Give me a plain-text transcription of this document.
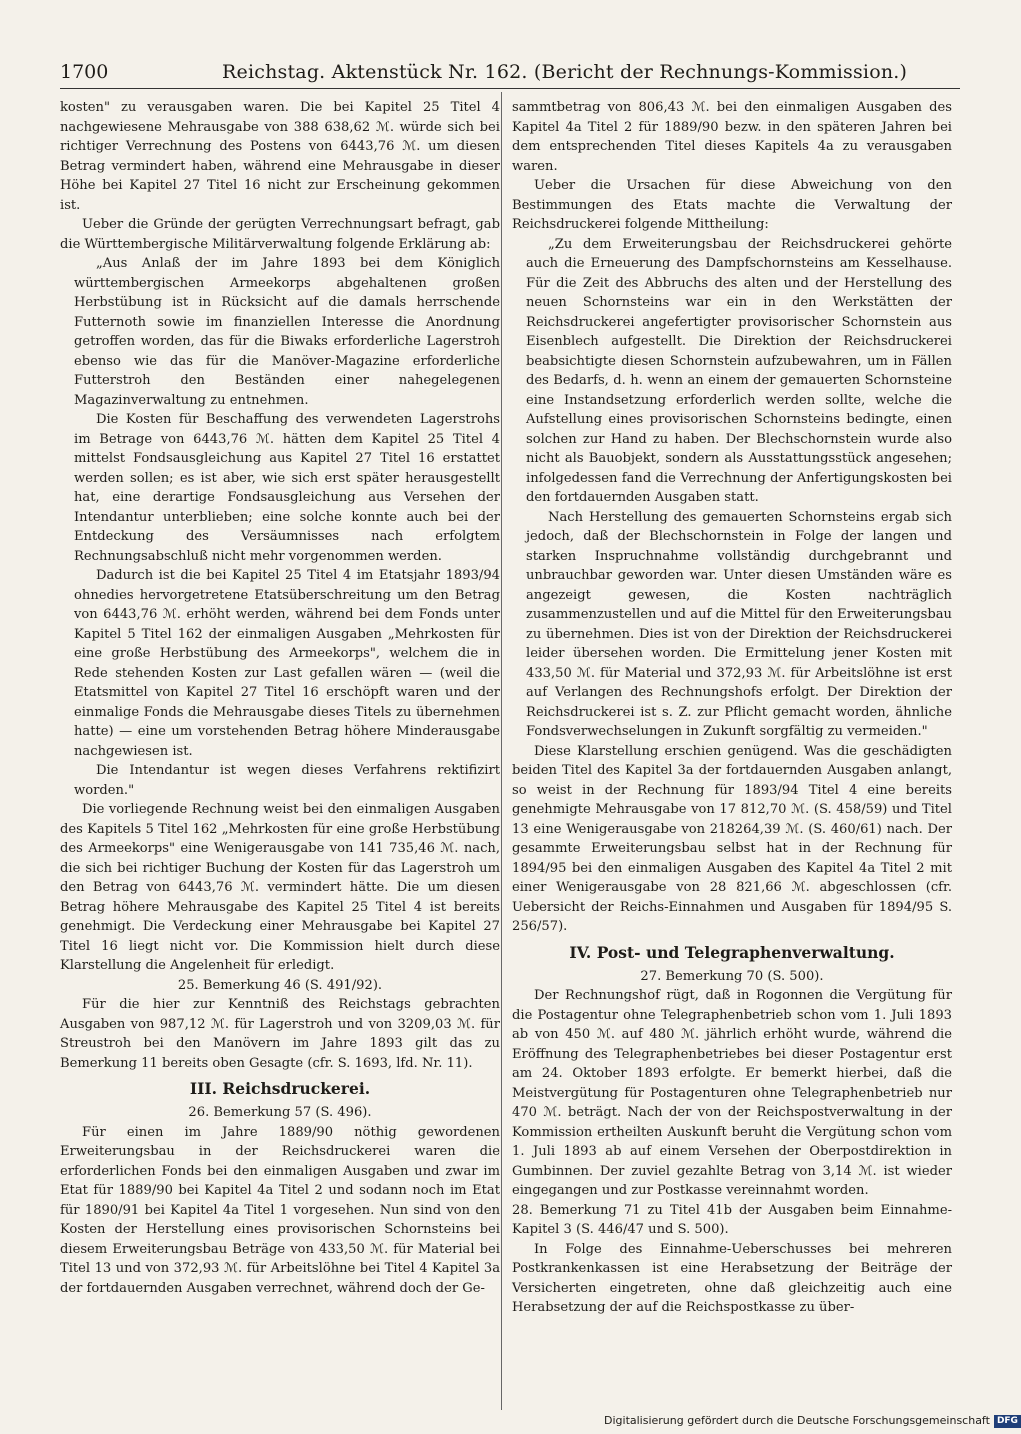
1700	Reichstag. Aktenstück Nr. 162. (Bericht der Rechnungs-Kommission.)

kosten" zu verausgaben waren. Die bei Kapitel 25 Titel 4 nachgewiesene Mehrausgabe von 388 638,62 ℳ. würde sich bei richtiger Verrechnung des Postens von 6443,76 ℳ. um diesen Betrag vermindert haben, während eine Mehrausgabe in dieser Höhe bei Kapitel 27 Titel 16 nicht zur Erscheinung gekommen ist.

Ueber die Gründe der gerügten Verrechnungsart befragt, gab die Württembergische Militärverwaltung folgende Erklärung ab:

„Aus Anlaß der im Jahre 1893 bei dem Königlich württembergischen Armeekorps abgehaltenen großen Herbstübung ist in Rücksicht auf die damals herrschende Futternoth sowie im finanziellen Interesse die Anordnung getroffen worden, das für die Biwaks erforderliche Lagerstroh ebenso wie das für die Manöver-Magazine erforderliche Futterstroh den Beständen einer nahegelegenen Magazinverwaltung zu entnehmen.

Die Kosten für Beschaffung des verwendeten Lagerstrohs im Betrage von 6443,76 ℳ. hätten dem Kapitel 25 Titel 4 mittelst Fondsausgleichung aus Kapitel 27 Titel 16 erstattet werden sollen; es ist aber, wie sich erst später herausgestellt hat, eine derartige Fondsausgleichung aus Versehen der Intendantur unterblieben; eine solche konnte auch bei der Entdeckung des Versäumnisses nach erfolgtem Rechnungsabschluß nicht mehr vorgenommen werden.

Dadurch ist die bei Kapitel 25 Titel 4 im Etatsjahr 1893/94 ohnedies hervorgetretene Etatsüberschreitung um den Betrag von 6443,76 ℳ. erhöht werden, während bei dem Fonds unter Kapitel 5 Titel 162 der einmaligen Ausgaben „Mehrkosten für eine große Herbstübung des Armeekorps", welchem die in Rede stehenden Kosten zur Last gefallen wären — (weil die Etatsmittel von Kapitel 27 Titel 16 erschöpft waren und der einmalige Fonds die Mehrausgabe dieses Titels zu übernehmen hatte) — eine um vorstehenden Betrag höhere Minderausgabe nachgewiesen ist.

Die Intendantur ist wegen dieses Verfahrens rektifizirt worden."

Die vorliegende Rechnung weist bei den einmaligen Ausgaben des Kapitels 5 Titel 162 „Mehrkosten für eine große Herbstübung des Armeekorps" eine Wenigerausgabe von 141 735,46 ℳ. nach, die sich bei richtiger Buchung der Kosten für das Lagerstroh um den Betrag von 6443,76 ℳ. vermindert hätte. Die um diesen Betrag höhere Mehrausgabe des Kapitel 25 Titel 4 ist bereits genehmigt. Die Verdeckung einer Mehrausgabe bei Kapitel 27 Titel 16 liegt nicht vor. Die Kommission hielt durch diese Klarstellung die Angelenheit für erledigt.

25. Bemerkung 46 (S. 491/92).

Für die hier zur Kenntniß des Reichstags gebrachten Ausgaben von 987,12 ℳ. für Lagerstroh und von 3209,03 ℳ. für Streustroh bei den Manövern im Jahre 1893 gilt das zu Bemerkung 11 bereits oben Gesagte (cfr. S. 1693, lfd. Nr. 11).

III. Reichsdruckerei.

26. Bemerkung 57 (S. 496).

Für einen im Jahre 1889/90 nöthig gewordenen Erweiterungsbau in der Reichsdruckerei waren die erforderlichen Fonds bei den einmaligen Ausgaben und zwar im Etat für 1889/90 bei Kapitel 4a Titel 2 und sodann noch im Etat für 1890/91 bei Kapitel 4a Titel 1 vorgesehen. Nun sind von den Kosten der Herstellung eines provisorischen Schornsteins bei diesem Erweiterungsbau Beträge von 433,50 ℳ. für Material bei Titel 13 und von 372,93 ℳ. für Arbeitslöhne bei Titel 4 Kapitel 3a der fortdauernden Ausgaben verrechnet, während doch der Ge-

sammtbetrag von 806,43 ℳ. bei den einmaligen Ausgaben des Kapitel 4a Titel 2 für 1889/90 bezw. in den späteren Jahren bei dem entsprechenden Titel dieses Kapitels 4a zu verausgaben waren.

Ueber die Ursachen für diese Abweichung von den Bestimmungen des Etats machte die Verwaltung der Reichsdruckerei folgende Mittheilung:

„Zu dem Erweiterungsbau der Reichsdruckerei gehörte auch die Erneuerung des Dampfschornsteins am Kesselhause. Für die Zeit des Abbruchs des alten und der Herstellung des neuen Schornsteins war ein in den Werkstätten der Reichsdruckerei angefertigter provisorischer Schornstein aus Eisenblech aufgestellt. Die Direktion der Reichsdruckerei beabsichtigte diesen Schornstein aufzubewahren, um in Fällen des Bedarfs, d. h. wenn an einem der gemauerten Schornsteine eine Instandsetzung erforderlich werden sollte, welche die Aufstellung eines provisorischen Schornsteins bedingte, einen solchen zur Hand zu haben. Der Blechschornstein wurde also nicht als Bauobjekt, sondern als Ausstattungsstück angesehen; infolgedessen fand die Verrechnung der Anfertigungskosten bei den fortdauernden Ausgaben statt.

Nach Herstellung des gemauerten Schornsteins ergab sich jedoch, daß der Blechschornstein in Folge der langen und starken Inspruchnahme vollständig durchgebrannt und unbrauchbar geworden war. Unter diesen Umständen wäre es angezeigt gewesen, die Kosten nachträglich zusammenzustellen und auf die Mittel für den Erweiterungsbau zu übernehmen. Dies ist von der Direktion der Reichsdruckerei leider übersehen worden. Die Ermittelung jener Kosten mit 433,50 ℳ. für Material und 372,93 ℳ. für Arbeitslöhne ist erst auf Verlangen des Rechnungshofs erfolgt. Der Direktion der Reichsdruckerei ist s. Z. zur Pflicht gemacht worden, ähnliche Fondsverwechselungen in Zukunft sorgfältig zu vermeiden."

Diese Klarstellung erschien genügend. Was die geschädigten beiden Titel des Kapitel 3a der fortdauernden Ausgaben anlangt, so weist in der Rechnung für 1893/94 Titel 4 eine bereits genehmigte Mehrausgabe von 17 812,70 ℳ. (S. 458/59) und Titel 13 eine Wenigerausgabe von 218264,39 ℳ. (S. 460/61) nach. Der gesammte Erweiterungsbau selbst hat in der Rechnung für 1894/95 bei den einmaligen Ausgaben des Kapitel 4a Titel 2 mit einer Wenigerausgabe von 28 821,66 ℳ. abgeschlossen (cfr. Uebersicht der Reichs-Einnahmen und Ausgaben für 1894/95 S. 256/57).

IV. Post- und Telegraphenverwaltung.

27. Bemerkung 70 (S. 500).

Der Rechnungshof rügt, daß in Rogonnen die Vergütung für die Postagentur ohne Telegraphenbetrieb schon vom 1. Juli 1893 ab von 450 ℳ. auf 480 ℳ. jährlich erhöht wurde, während die Eröffnung des Telegraphenbetriebes bei dieser Postagentur erst am 24. Oktober 1893 erfolgte. Er bemerkt hierbei, daß die Meistvergütung für Postagenturen ohne Telegraphenbetrieb nur 470 ℳ. beträgt. Nach der von der Reichspostverwaltung in der Kommission ertheilten Auskunft beruht die Vergütung schon vom 1. Juli 1893 ab auf einem Versehen der Oberpostdirektion in Gumbinnen. Der zuviel gezahlte Betrag von 3,14 ℳ. ist wieder eingegangen und zur Postkasse vereinnahmt worden.

28. Bemerkung 71 zu Titel 41b der Ausgaben beim Einnahme-Kapitel 3 (S. 446/47 und S. 500).

In Folge des Einnahme-Ueberschusses bei mehreren Postkrankenkassen ist eine Herabsetzung der Beiträge der Versicherten eingetreten, ohne daß gleichzeitig auch eine Herabsetzung der auf die Reichspostkasse zu über-

Digitalisierung gefördert durch die Deutsche Forschungsgemeinschaft DFG
